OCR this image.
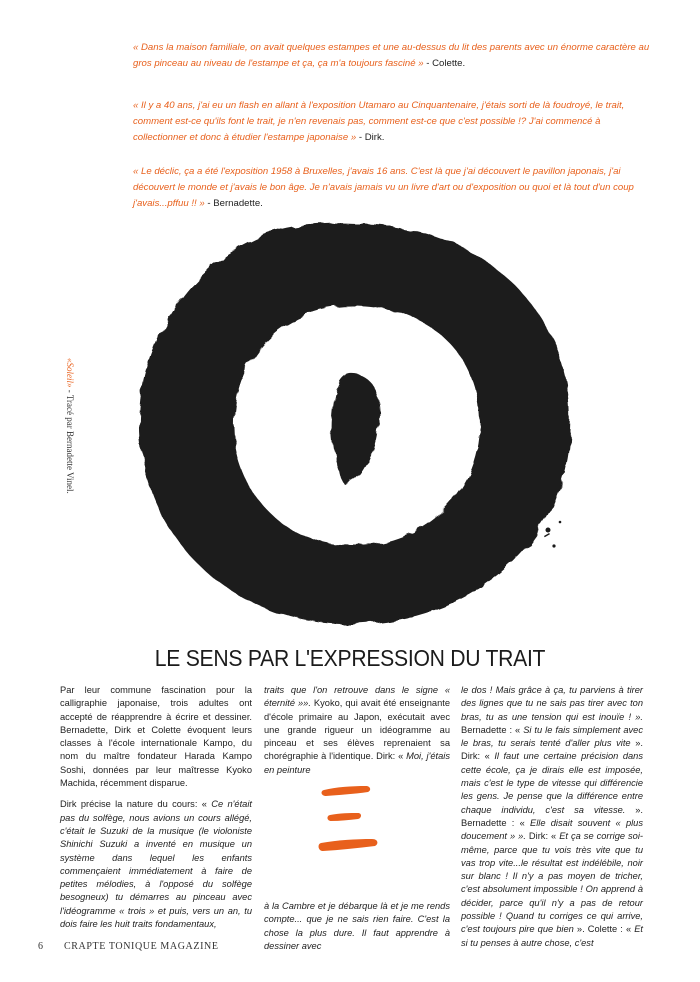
« Dans la maison familiale, on avait quelques estampes et une au-dessus du lit des parents avec un énorme caractère au gros pinceau au niveau de l'estampe et ça, ça m'a toujours fasciné » - Colette.

« Il y a 40 ans, j'ai eu un flash en allant à l'exposition Utamaro au Cinquantenaire, j'étais sorti de là foudroyé, le trait, comment est-ce qu'ils font le trait, je n'en revenais pas, comment est-ce que c'est possible !? J'ai commencé à collectionner et donc à étudier l'estampe japonaise » - Dirk.

« Le déclic, ça a été l'exposition 1958 à Bruxelles, j'avais 16 ans. C'est là que j'ai découvert le pavillon japonais, j'ai découvert le monde et j'avais le bon âge. Je n'avais jamais vu un livre d'art ou d'exposition ou quoi et là tout d'un coup j'avais...pffuu !! » - Bernadette.

«Soleil» - Tracé par Bernadette Vinel.
LE SENS PAR L'EXPRESSION DU TRAIT

Par leur commune fascination pour la calligraphie japonaise, trois adultes ont accepté de réapprendre à écrire et dessiner. Bernadette, Dirk et Colette évoquent leurs classes à l'école internationale Kampo, du nom du maître fondateur Harada Kampo Soshi, données par leur maîtresse Kyoko Machida, récemment disparue.

Dirk précise la nature du cours: « Ce n'était pas du solfège, nous avions un cours allégé, c'était le Suzuki de la musique (le violoniste Shinichi Suzuki a inventé en musique un système dans lequel les enfants commençaient immédiatement à faire de petites mélodies, à l'opposé du solfège besogneux) tu démarres au pinceau avec l'idéogramme « trois » et puis, vers un an, tu dois faire les huit traits fondamentaux,

traits que l'on retrouve dans le signe « éternité »». Kyoko, qui avait été enseignante d'école primaire au Japon, exécutait avec une grande rigueur un idéogramme au pinceau et ses élèves reprenaient sa chorégraphie à l'identique. Dirk: « Moi, j'étais en peinture

à la Cambre et je débarque là et je me rends compte... que je ne sais rien faire. C'est la chose la plus dure. Il faut apprendre à dessiner avec

le dos ! Mais grâce à ça, tu parviens à tirer des lignes que tu ne sais pas tirer avec ton bras, tu as une tension qui est inouïe ! ». Bernadette : « Si tu le fais simplement avec le bras, tu serais tenté d'aller plus vite ». Dirk: « Il faut une certaine précision dans cette école, ça je dirais elle est imposée, mais c'est le type de vitesse qui différencie les gens. Je pense que la différence entre chaque individu, c'est sa vitesse. ». Bernadette : « Elle disait souvent « plus doucement » ». Dirk: « Et ça se corrige soi-même, parce que tu vois très vite que tu vas trop vite...le résultat est indélébile, noir sur blanc ! Il n'y a pas moyen de tricher, c'est absolument impossible ! On apprend à décider, parce qu'il n'y a pas de retour possible ! Quand tu corriges ce qui arrive, c'est toujours pire que bien ». Colette : « Et si tu penses à autre chose, c'est

6 CRAPTE TONIQUE MAGAZINE
